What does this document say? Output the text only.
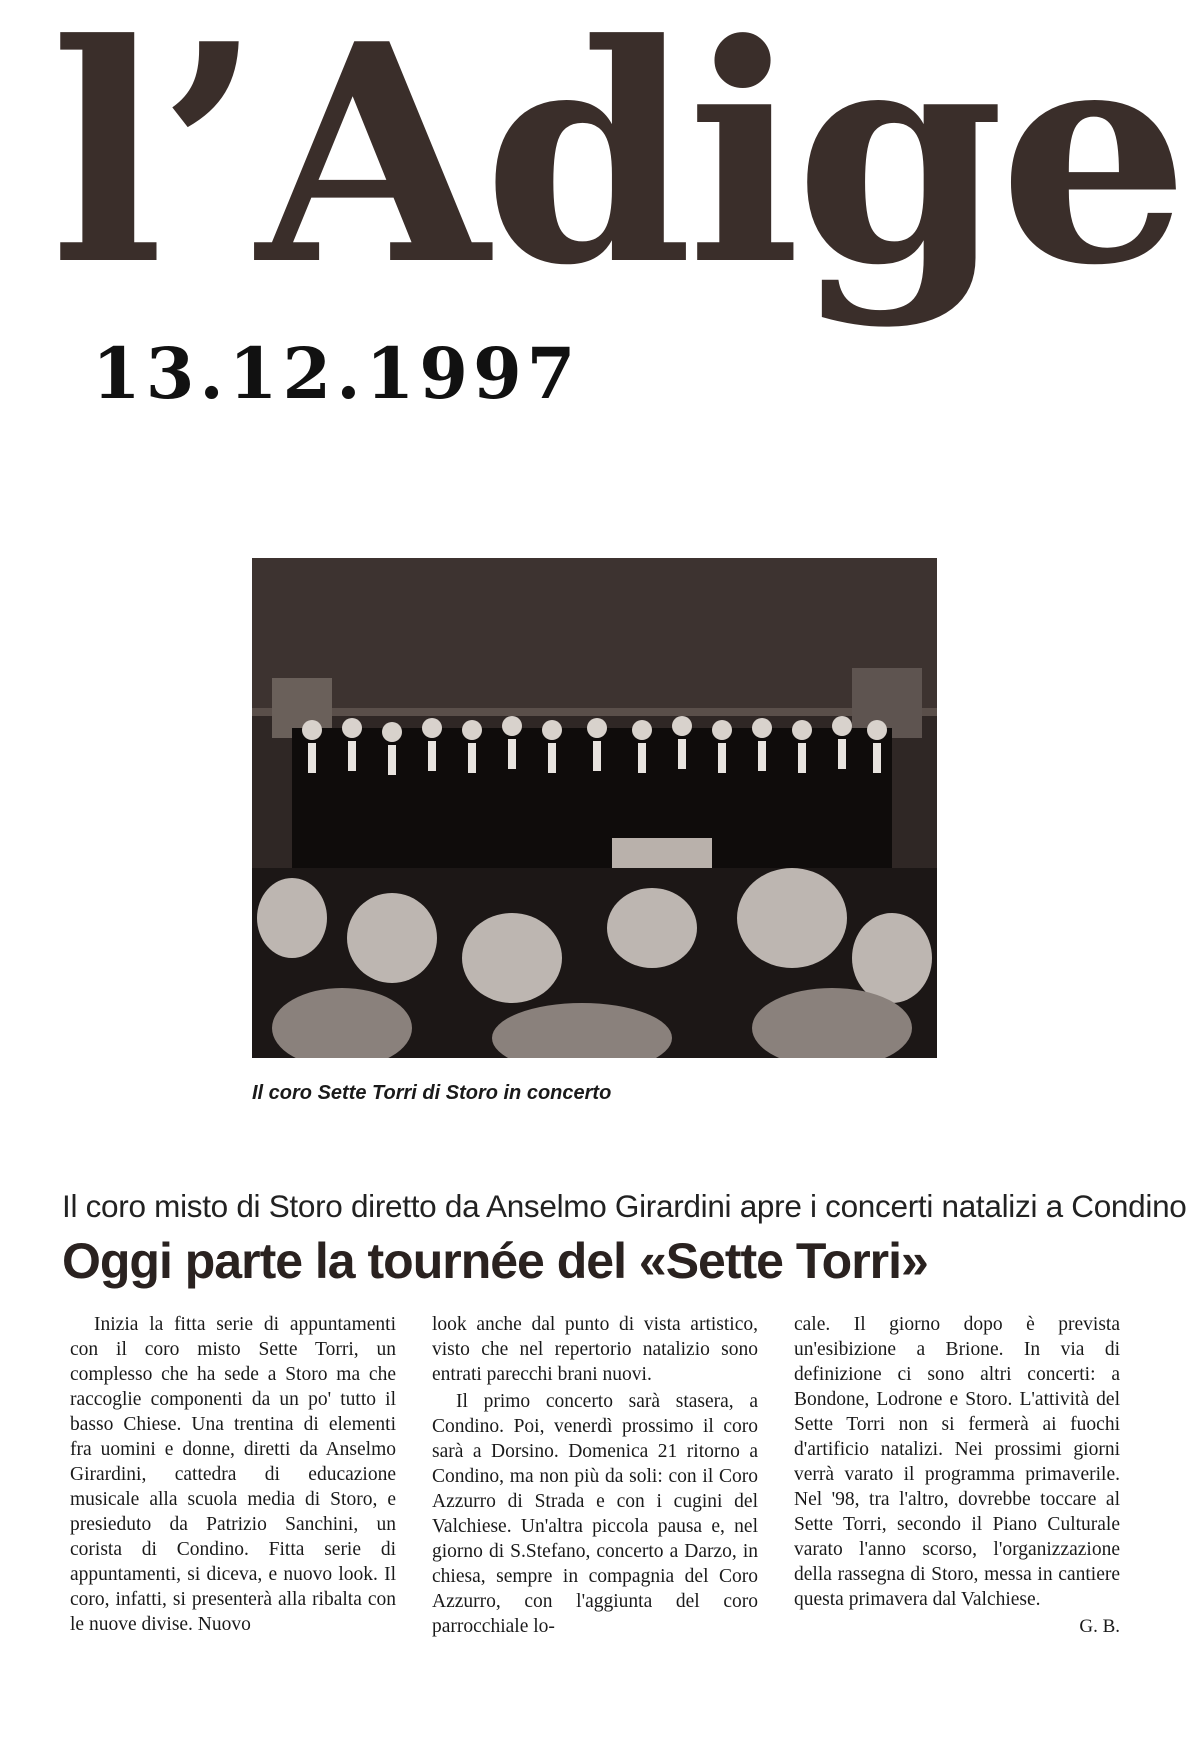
l’Adige
13.12.1997
Il coro Sette Torri di Storo in concerto
Il coro misto di Storo diretto da Anselmo Girardini apre i concerti natalizi a Condino
Oggi parte la tournée del «Sette Torri»

Inizia la fitta serie di appuntamenti con il coro misto Sette Torri, un complesso che ha sede a Storo ma che raccoglie componenti da un po' tutto il basso Chiese. Una trentina di elementi fra uomini e donne, diretti da Anselmo Girardini, cattedra di educazione musicale alla scuola media di Storo, e presieduto da Patrizio Sanchini, un corista di Condino. Fitta serie di appuntamenti, si diceva, e nuovo look. Il coro, infatti, si presenterà alla ribalta con le nuove divise. Nuovo

look anche dal punto di vista artistico, visto che nel repertorio natalizio sono entrati parecchi brani nuovi.

Il primo concerto sarà stasera, a Condino. Poi, venerdì prossimo il coro sarà a Dorsino. Domenica 21 ritorno a Condino, ma non più da soli: con il Coro Azzurro di Strada e con i cugini del Valchiese. Un'altra piccola pausa e, nel giorno di S.Stefano, concerto a Darzo, in chiesa, sempre in compagnia del Coro Azzurro, con l'aggiunta del coro parrocchiale lo-

cale. Il giorno dopo è prevista un'esibizione a Brione. In via di definizione ci sono altri concerti: a Bondone, Lodrone e Storo. L'attività del Sette Torri non si fermerà ai fuochi d'artificio natalizi. Nei prossimi giorni verrà varato il programma primaverile. Nel '98, tra l'altro, dovrebbe toccare al Sette Torri, secondo il Piano Culturale varato l'anno scorso, l'organizzazione della rassegna di Storo, messa in cantiere questa primavera dal Valchiese.

G. B.
